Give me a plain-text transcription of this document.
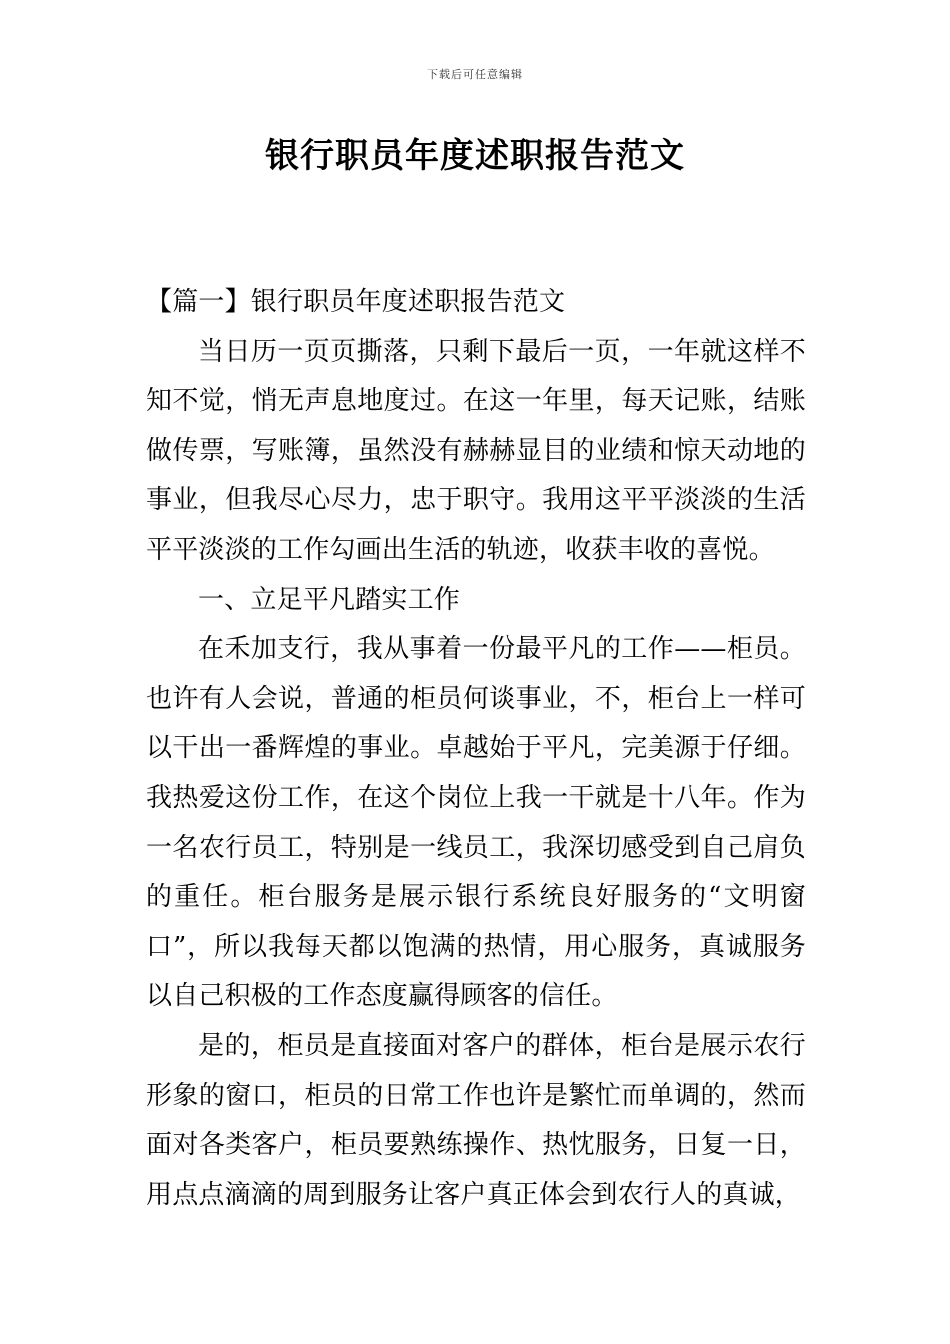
下载后可任意编辑
银行职员年度述职报告范文

【篇一】银行职员年度述职报告范文

当日历一页页撕落，只剩下最后一页，一年就这样不知不觉，悄无声息地度过。在这一年里，每天记账，结账做传票，写账簿，虽然没有赫赫显目的业绩和惊天动地的事业，但我尽心尽力，忠于职守。我用这平平淡淡的生活平平淡淡的工作勾画出生活的轨迹，收获丰收的喜悦。

一、立足平凡踏实工作

在禾加支行，我从事着一份最平凡的工作——柜员。也许有人会说，普通的柜员何谈事业，不，柜台上一样可以干出一番辉煌的事业。卓越始于平凡，完美源于仔细。我热爱这份工作，在这个岗位上我一干就是十八年。作为一名农行员工，特别是一线员工，我深切感受到自己肩负的重任。柜台服务是展示银行系统良好服务的“文明窗口”，所以我每天都以饱满的热情，用心服务，真诚服务以自己积极的工作态度赢得顾客的信任。

是的，柜员是直接面对客户的群体，柜台是展示农行形象的窗口，柜员的日常工作也许是繁忙而单调的，然而面对各类客户，柜员要熟练操作、热忱服务，日复一日，用点点滴滴的周到服务让客户真正体会到农行人的真诚，
